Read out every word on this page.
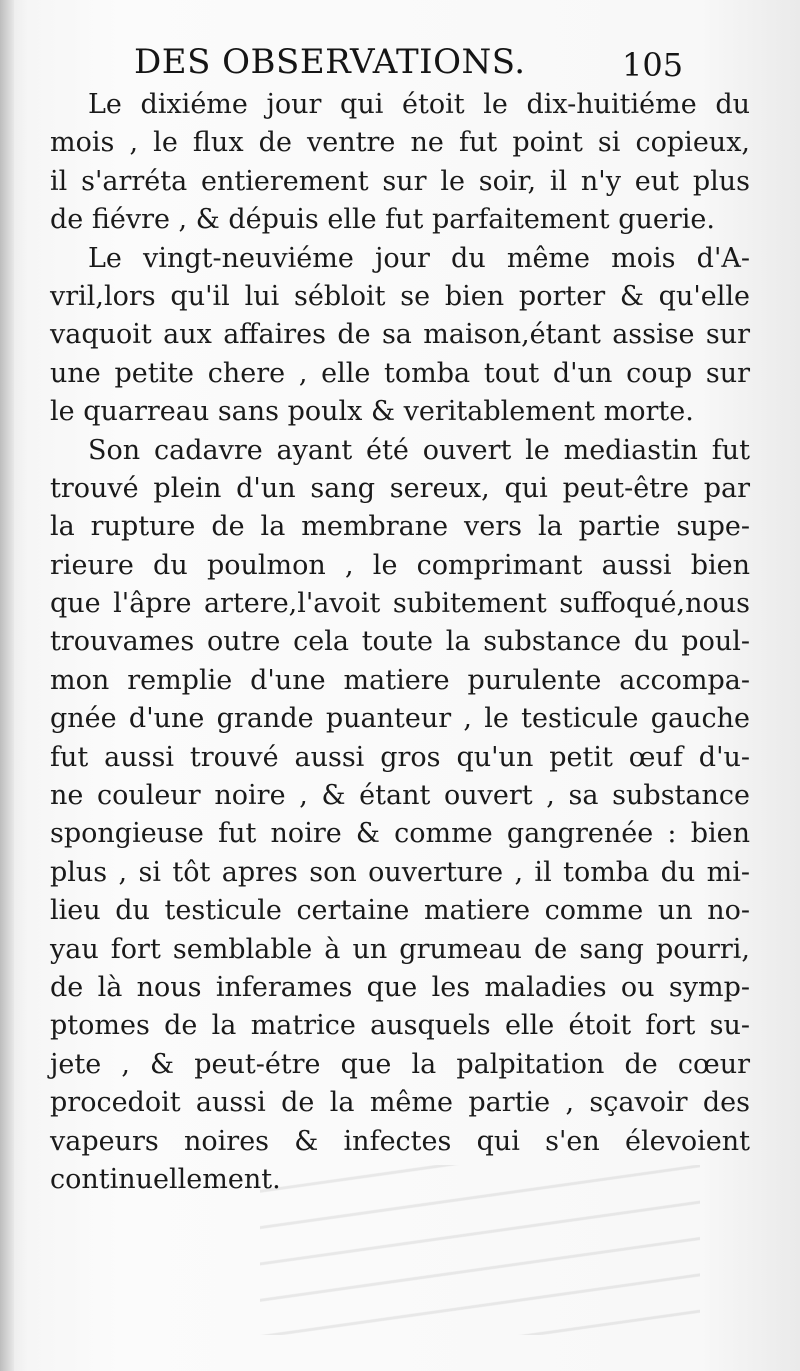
DES OBSERVATIONS.	105
Le dixiéme jour qui étoit le dix-huitiéme du
mois , le flux de ventre ne fut point si copieux,
il s'arréta entierement sur le soir, il n'y eut plus
de fiévre , & dépuis elle fut parfaitement guerie.
Le vingt-neuviéme jour du même mois d'A-
vril,lors qu'il lui sébloit se bien porter & qu'elle
vaquoit aux affaires de sa maison,étant assise sur
une petite chere , elle tomba tout d'un coup sur
le quarreau sans poulx & veritablement morte.
Son cadavre ayant été ouvert le mediastin fut
trouvé plein d'un sang sereux, qui peut-être par
la rupture de la membrane vers la partie supe-
rieure du poulmon , le comprimant aussi bien
que l'âpre artere,l'avoit subitement suffoqué,nous
trouvames outre cela toute la substance du poul-
mon remplie d'une matiere purulente accompa-
gnée d'une grande puanteur , le testicule gauche
fut aussi trouvé aussi gros qu'un petit œuf d'u-
ne couleur noire , & étant ouvert , sa substance
spongieuse fut noire & comme gangrenée : bien
plus , si tôt apres son ouverture , il tomba du mi-
lieu du testicule certaine matiere comme un no-
yau fort semblable à un grumeau de sang pourri,
de là nous inferames que les maladies ou symp-
ptomes de la matrice ausquels elle étoit fort su-
jete , & peut-étre que la palpitation de cœur
procedoit aussi de la même partie , sçavoir des
vapeurs noires & infectes qui s'en élevoient
continuellement.
